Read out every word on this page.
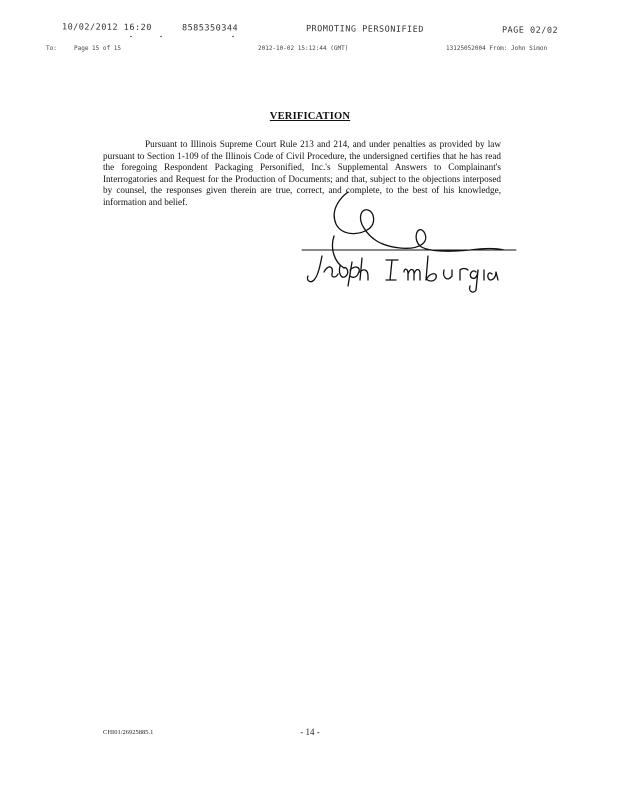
10/02/2012 16:20	8585350344	PROMOTING PERSONIFIED	PAGE 02/02
To:	Page 15 of 15	2012-10-02 15:12:44 (GMT)	13125052004 From: John Simon
VERIFICATION
Pursuant to Illinois Supreme Court Rule 213 and 214, and under penalties as provided by law pursuant to Section 1-109 of the Illinois Code of Civil Procedure, the undersigned certifies that he has read the foregoing Respondent Packaging Personified, Inc.'s Supplemental Answers to Complainant's Interrogatories and Request for the Production of Documents; and that, subject to the objections interposed by counsel, the responses given therein are true, correct, and complete, to the best of his knowledge, information and belief.
Joseph Imburgia
CHI01/26925885.1	- 14 -
